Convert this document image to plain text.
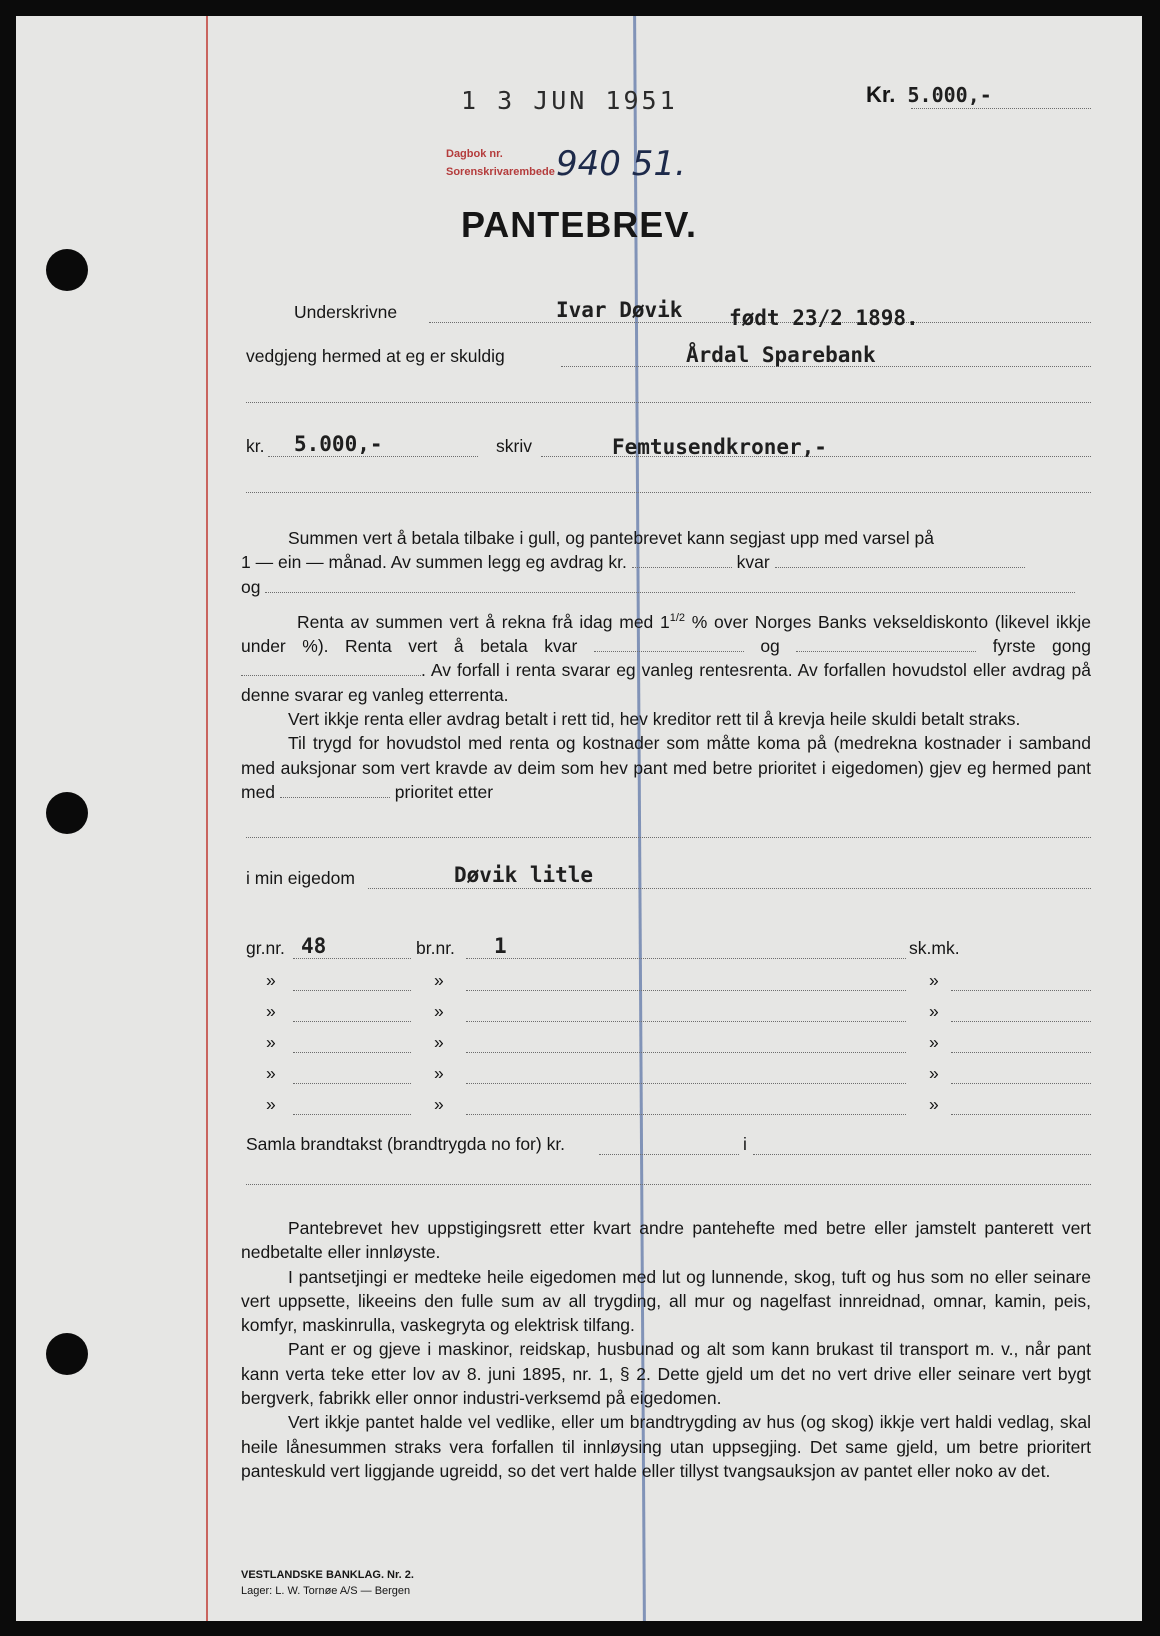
1 3 JUN 1951
Dagbok nr.
Sorenskrivarembede 940 51.
Kr. 5.000,-
PANTEBREV.
Underskrivne	Ivar Døvik født 23/2 1898.
vedgjeng hermed at eg er skuldig	Årdal Sparebank
kr. 5.000,-	skriv	Femtusendkroner,-

Summen vert å betala tilbake i gull, og pantebrevet kann segjast upp med varsel på

1 — ein — månad. Av summen legg eg avdrag kr.	kvar

og

Renta av summen vert å rekna frå idag med $1^{1/2}$ % over Norges Banks vekseldiskonto (likevel ikkje under %). Renta vert å betala kvar	og	fyrste gong . Av forfall i renta svarar eg vanleg rentesrenta. Av forfallen hovudstol eller avdrag på denne svarar eg vanleg etterrenta.

Vert ikkje renta eller avdrag betalt i rett tid, hev kreditor rett til å krevja heile skuldi betalt straks.

Til trygd for hovudstol med renta og kostnader som måtte koma på (medrekna kostnader i samband med auksjonar som vert kravde av deim som hev pant med betre prioritet i eigedomen) gjev eg hermed pant med	prioritet etter

i min eigedom	Døvik litle
gr.nr. 48	br.nr. 1	sk.mk.
»	»	»
»	»	»
»	»	»
»	»	»
»	»	»
Samla brandtakst (brandtrygda no for) kr.	i

Pantebrevet hev uppstigingsrett etter kvart andre pantehefte med betre eller jamstelt panterett vert nedbetalte eller innløyste.

I pantsetjingi er medteke heile eigedomen med lut og lunnende, skog, tuft og hus som no eller seinare vert uppsette, likeeins den fulle sum av all trygding, all mur og nagelfast innreidnad, omnar, kamin, peis, komfyr, maskinrulla, vaskegryta og elektrisk tilfang.

Pant er og gjeve i maskinor, reidskap, husbunad og alt som kann brukast til transport m. v., når pant kann verta teke etter lov av 8. juni 1895, nr. 1, § 2. Dette gjeld um det no vert drive eller seinare vert bygt bergverk, fabrikk eller onnor industri-verksemd på eigedomen.

Vert ikkje pantet halde vel vedlike, eller um brandtrygding av hus (og skog) ikkje vert haldi vedlag, skal heile lånesummen straks vera forfallen til innløysing utan uppsegjing. Det same gjeld, um betre prioritert panteskuld vert liggjande ugreidd, so det vert halde eller tillyst tvangsauksjon av pantet eller noko av det.

VESTLANDSKE BANKLAG. Nr. 2.
Lager: L. W. Tornøe A/S — Bergen
